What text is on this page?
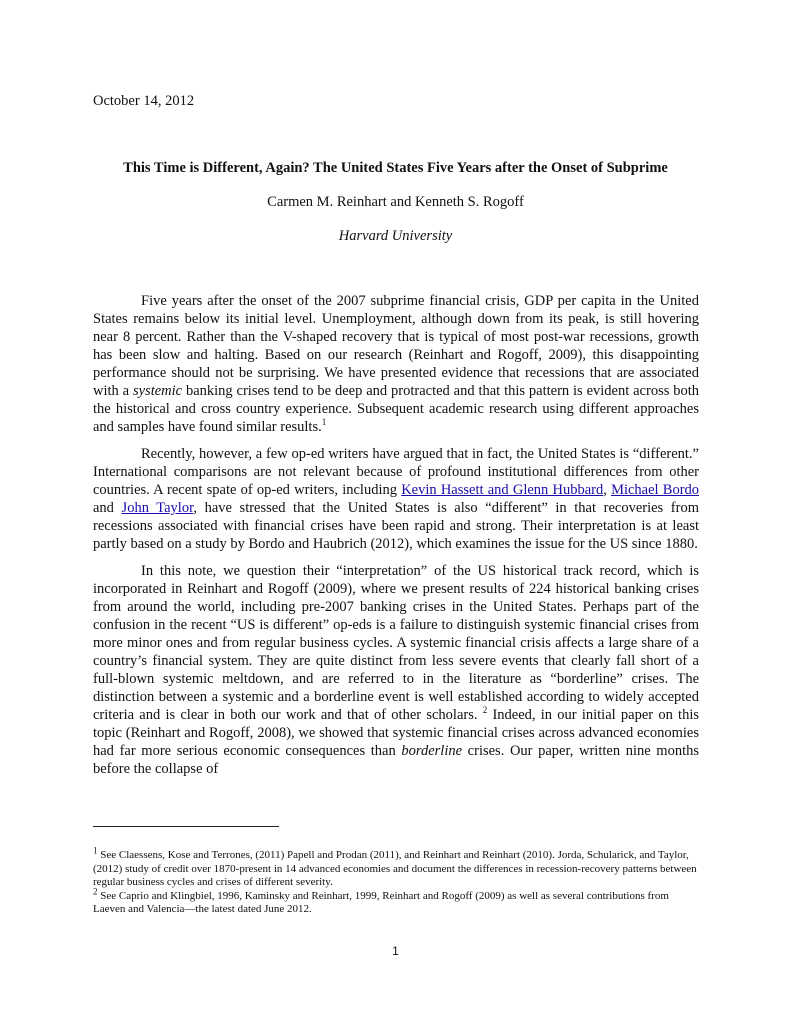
October 14, 2012
This Time is Different, Again? The United States Five Years after the Onset of Subprime
Carmen M. Reinhart and Kenneth S. Rogoff
Harvard University

Five years after the onset of the 2007 subprime financial crisis, GDP per capita in the United States remains below its initial level. Unemployment, although down from its peak, is still hovering near 8 percent. Rather than the V-shaped recovery that is typical of most post-war recessions, growth has been slow and halting. Based on our research (Reinhart and Rogoff, 2009), this disappointing performance should not be surprising. We have presented evidence that recessions that are associated with a systemic banking crises tend to be deep and protracted and that this pattern is evident across both the historical and cross country experience. Subsequent academic research using different approaches and samples have found similar results.$^1$

Recently, however, a few op-ed writers have argued that in fact, the United States is “different.” International comparisons are not relevant because of profound institutional differences from other countries. A recent spate of op-ed writers, including Kevin Hassett and Glenn Hubbard, Michael Bordo and John Taylor, have stressed that the United States is also “different” in that recoveries from recessions associated with financial crises have been rapid and strong. Their interpretation is at least partly based on a study by Bordo and Haubrich (2012), which examines the issue for the US since 1880.

In this note, we question their “interpretation” of the US historical track record, which is incorporated in Reinhart and Rogoff (2009), where we present results of 224 historical banking crises from around the world, including pre-2007 banking crises in the United States. Perhaps part of the confusion in the recent “US is different” op-eds is a failure to distinguish systemic financial crises from more minor ones and from regular business cycles. A systemic financial crisis affects a large share of a country’s financial system. They are quite distinct from less severe events that clearly fall short of a full-blown systemic meltdown, and are referred to in the literature as “borderline” crises. The distinction between a systemic and a borderline event is well established according to widely accepted criteria and is clear in both our work and that of other scholars. $^2$ Indeed, in our initial paper on this topic (Reinhart and Rogoff, 2008), we showed that systemic financial crises across advanced economies had far more serious economic consequences than borderline crises. Our paper, written nine months before the collapse of

$^1$ See Claessens, Kose and Terrones, (2011) Papell and Prodan (2011), and Reinhart and Reinhart (2010). Jorda, Schularick, and Taylor, (2012) study of credit over 1870-present in 14 advanced economies and document the differences in recession-recovery patterns between regular business cycles and crises of different severity.

$^2$ See Caprio and Klingbiel, 1996, Kaminsky and Reinhart, 1999, Reinhart and Rogoff (2009) as well as several contributions from Laeven and Valencia—the latest dated June 2012.

1
